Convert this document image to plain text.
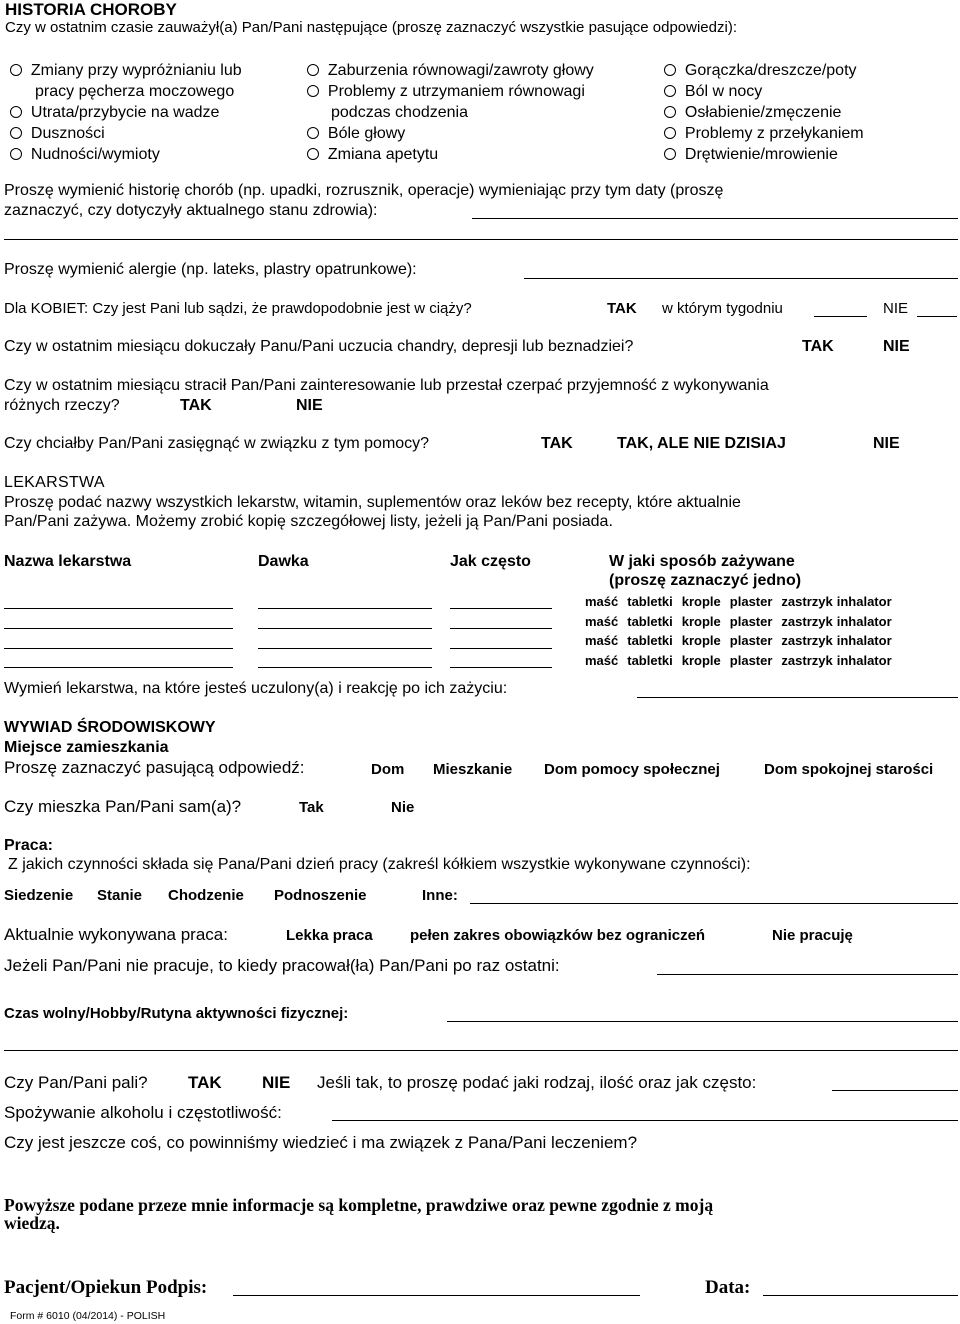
HISTORIA CHOROBY
Czy w ostatnim czasie zauważył(a) Pan/Pani następujące (proszę zaznaczyć wszystkie pasujące odpowiedzi):
Zmiany przy wypróżnianiu lub
pracy pęcherza moczowego
Utrata/przybycie na wadze
Duszności
Nudności/wymioty
Zaburzenia równowagi/zawroty głowy
Problemy z utrzymaniem równowagi
podczas chodzenia
Bóle głowy
Zmiana apetytu
Gorączka/dreszcze/poty
Ból w nocy
Osłabienie/zmęczenie
Problemy z przełykaniem
Drętwienie/mrowienie
Proszę wymienić historię chorób (np. upadki, rozrusznik, operacje) wymieniając przy tym daty (proszę
zaznaczyć, czy dotyczyły aktualnego stanu zdrowia):
Proszę wymienić alergie (np. lateks, plastry opatrunkowe):
Dla KOBIET: Czy jest Pani lub sądzi, że prawdopodobnie jest w ciąży?	TAK w którym tygodniu	NIE
Czy w ostatnim miesiącu dokuczały Panu/Pani uczucia chandry, depresji lub beznadziei?	TAK	NIE
Czy w ostatnim miesiącu stracił Pan/Pani zainteresowanie lub przestał czerpać przyjemność z wykonywania
różnych rzeczy?	TAK	NIE
Czy chciałby Pan/Pani zasięgnąć w związku z tym pomocy?	TAK	TAK, ALE NIE DZISIAJ	NIE
LEKARSTWA
Proszę podać nazwy wszystkich lekarstw, witamin, suplementów oraz leków bez recepty, które aktualnie
Pan/Pani zażywa. Możemy zrobić kopię szczegółowej listy, jeżeli ją Pan/Pani posiada.
Nazwa lekarstwa	Dawka	Jak często	W jaki sposób zażywane
(proszę zaznaczyć jedno)
maść tabletki krople plaster zastrzyk inhalator
maść tabletki krople plaster zastrzyk inhalator
maść tabletki krople plaster zastrzyk inhalator
maść tabletki krople plaster zastrzyk inhalator
Wymień lekarstwa, na które jesteś uczulony(a) i reakcję po ich zażyciu:
WYWIAD ŚRODOWISKOWY
Miejsce zamieszkania
Proszę zaznaczyć pasującą odpowiedź:	Dom Mieszkanie Dom pomocy społecznej	Dom spokojnej starości
Czy mieszka Pan/Pani sam(a)?	Tak	Nie
Praca:
Z jakich czynności składa się Pana/Pani dzień pracy (zakreśl kółkiem wszystkie wykonywane czynności):
Siedzenie Stanie Chodzenie Podnoszenie	Inne:
Aktualnie wykonywana praca:	Lekka praca pełen zakres obowiązków bez ograniczeń	Nie pracuję
Jeżeli Pan/Pani nie pracuje, to kiedy pracował(ła) Pan/Pani po raz ostatni:
Czas wolny/Hobby/Rutyna aktywności fizycznej:
Czy Pan/Pani pali? TAK NIE Jeśli tak, to proszę podać jaki rodzaj, ilość oraz jak często:
Spożywanie alkoholu i częstotliwość:
Czy jest jeszcze coś, co powinniśmy wiedzieć i ma związek z Pana/Pani leczeniem?
Powyższe podane przeze mnie informacje są kompletne, prawdziwe oraz pewne zgodnie z moją
wiedzą.
Pacjent/Opiekun Podpis:	Data:
Form # 6010 (04/2014) - POLISH
